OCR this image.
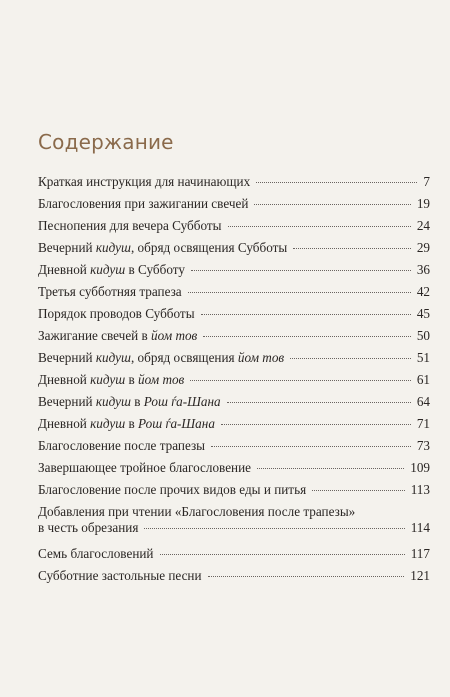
Содержание
Краткая инструкция для начинающих	7
Благословения при зажигании свечей	19
Песнопения для вечера Субботы	24
Вечерний кидуш, обряд освящения Субботы	29
Дневной кидуш в Субботу	36
Третья субботняя трапеза	42
Порядок проводов Субботы	45
Зажигание свечей в йом тов	50
Вечерний кидуш, обряд освящения йом тов	51
Дневной кидуш в йом тов	61
Вечерний кидуш в Рош ѓа-Шана	64
Дневной кидуш в Рош ѓа-Шана	71
Благословение после трапезы	73
Завершающее тройное благословение	109
Благословение после прочих видов еды и питья	113
Добавления при чтении «Благословения после трапезы»
в честь обрезания	114
Семь благословений	117
Субботние застольные песни	121
